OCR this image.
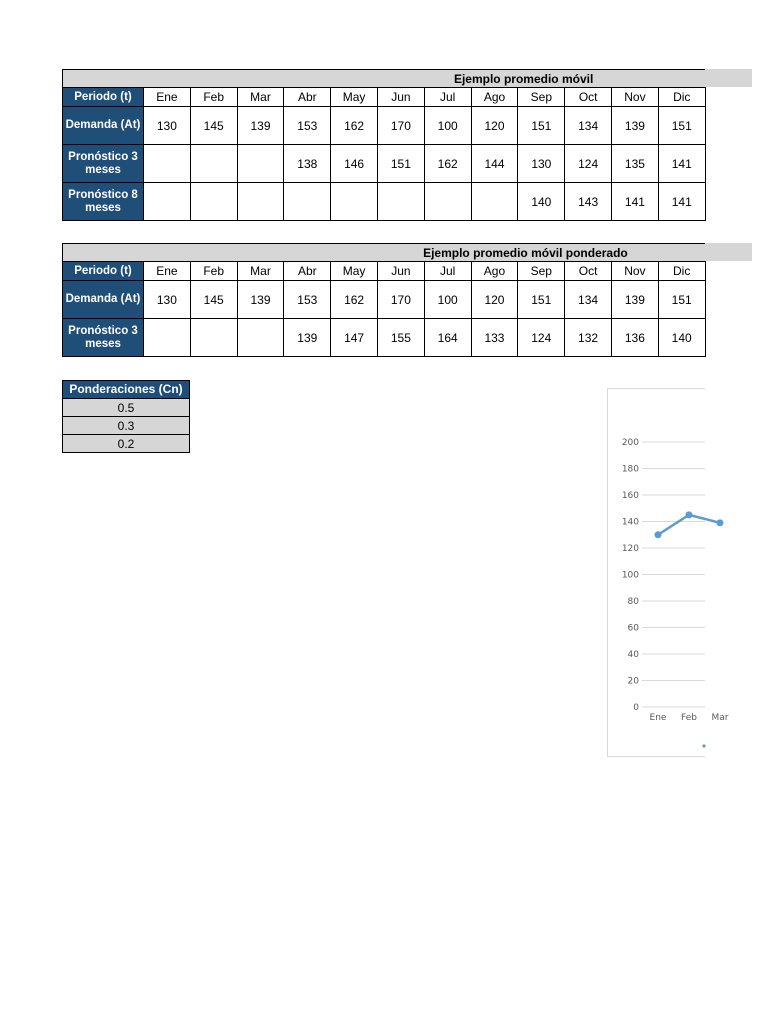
									Ejemplo promedio móvil			
Periodo (t)	Ene	Feb	Mar	Abr	May	Jun	Jul	Ago	Sep	Oct	Nov	Dic
Demanda (At)	130	145	139	153	162	170	100	120	151	134	139	151
Pronóstico 3 meses				138	146	151	162	144	130	124	135	141
Pronóstico 8 meses									140	143	141	141
								Ejemplo promedio móvil ponderado				
Periodo (t)	Ene	Feb	Mar	Abr	May	Jun	Jul	Ago	Sep	Oct	Nov	Dic
Demanda (At)	130	145	139	153	162	170	100	120	151	134	139	151
Pronóstico 3 meses				139	147	155	164	133	124	132	136	140
Ponderaciones (Cn)
0.5
0.3
0.2	200
180
160
140
120
100
80
60
40
20
0
Ene Feb Mar
